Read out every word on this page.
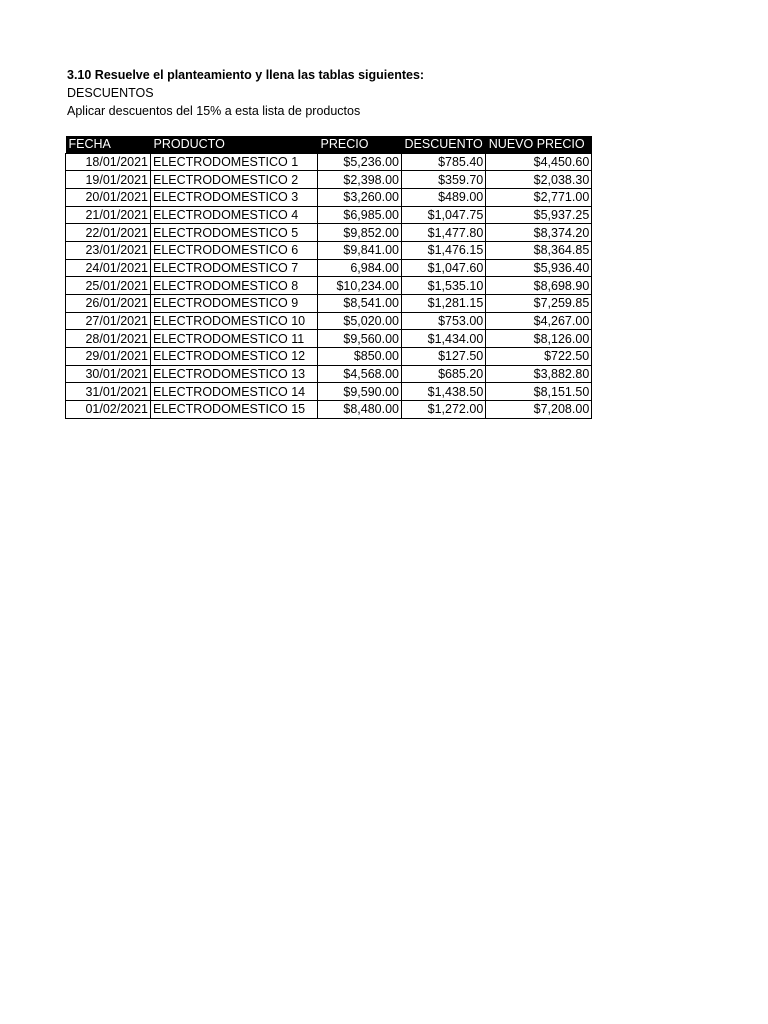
3.10 Resuelve el planteamiento y llena las tablas siguientes:
DESCUENTOS
Aplicar descuentos del 15% a esta lista de productos
FECHA	PRODUCTO	PRECIO	DESCUENTO	NUEVO PRECIO
18/01/2021	ELECTRODOMESTICO 1	$5,236.00	$785.40	$4,450.60
19/01/2021	ELECTRODOMESTICO 2	$2,398.00	$359.70	$2,038.30
20/01/2021	ELECTRODOMESTICO 3	$3,260.00	$489.00	$2,771.00
21/01/2021	ELECTRODOMESTICO 4	$6,985.00	$1,047.75	$5,937.25
22/01/2021	ELECTRODOMESTICO 5	$9,852.00	$1,477.80	$8,374.20
23/01/2021	ELECTRODOMESTICO 6	$9,841.00	$1,476.15	$8,364.85
24/01/2021	ELECTRODOMESTICO 7	6,984.00	$1,047.60	$5,936.40
25/01/2021	ELECTRODOMESTICO 8	$10,234.00	$1,535.10	$8,698.90
26/01/2021	ELECTRODOMESTICO 9	$8,541.00	$1,281.15	$7,259.85
27/01/2021	ELECTRODOMESTICO 10	$5,020.00	$753.00	$4,267.00
28/01/2021	ELECTRODOMESTICO 11	$9,560.00	$1,434.00	$8,126.00
29/01/2021	ELECTRODOMESTICO 12	$850.00	$127.50	$722.50
30/01/2021	ELECTRODOMESTICO 13	$4,568.00	$685.20	$3,882.80
31/01/2021	ELECTRODOMESTICO 14	$9,590.00	$1,438.50	$8,151.50
01/02/2021	ELECTRODOMESTICO 15	$8,480.00	$1,272.00	$7,208.00
